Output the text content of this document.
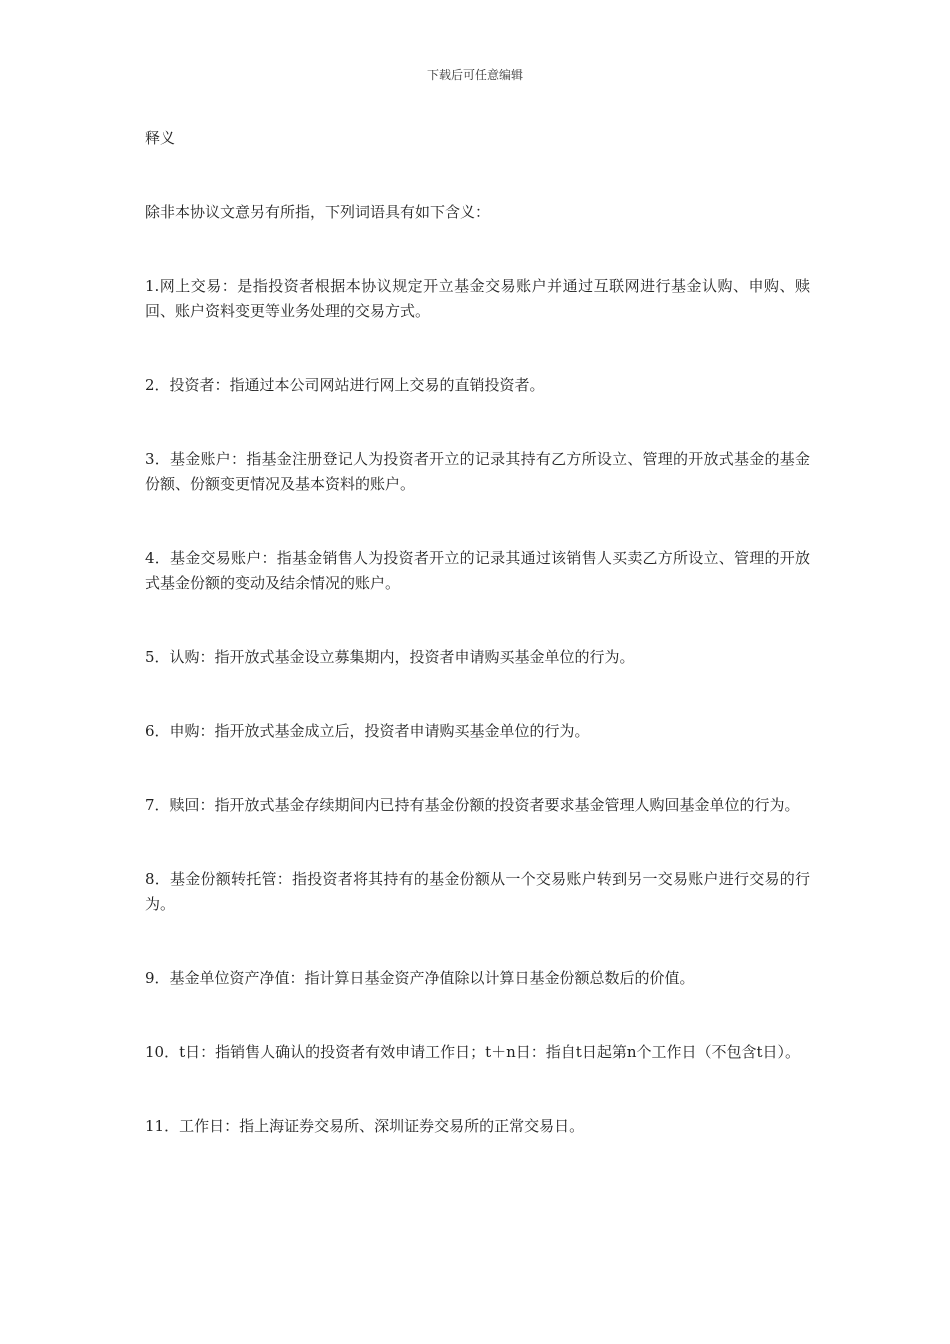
下载后可任意编辑

释义

除非本协议文意另有所指，下列词语具有如下含义：

1.网上交易：是指投资者根据本协议规定开立基金交易账户并通过互联网进行基金认购、申购、赎回、账户资料变更等业务处理的交易方式。
2．投资者：指通过本公司网站进行网上交易的直销投资者。
3．基金账户：指基金注册登记人为投资者开立的记录其持有乙方所设立、管理的开放式基金的基金份额、份额变更情况及基本资料的账户。
4．基金交易账户：指基金销售人为投资者开立的记录其通过该销售人买卖乙方所设立、管理的开放式基金份额的变动及结余情况的账户。
5．认购：指开放式基金设立募集期内，投资者申请购买基金单位的行为。
6．申购：指开放式基金成立后，投资者申请购买基金单位的行为。
7．赎回：指开放式基金存续期间内已持有基金份额的投资者要求基金管理人购回基金单位的行为。
8．基金份额转托管：指投资者将其持有的基金份额从一个交易账户转到另一交易账户进行交易的行为。
9．基金单位资产净值：指计算日基金资产净值除以计算日基金份额总数后的价值。
10．t日：指销售人确认的投资者有效申请工作日；t＋n日：指自t日起第n个工作日（不包含t日）。
11．工作日：指上海证券交易所、深圳证券交易所的正常交易日。
